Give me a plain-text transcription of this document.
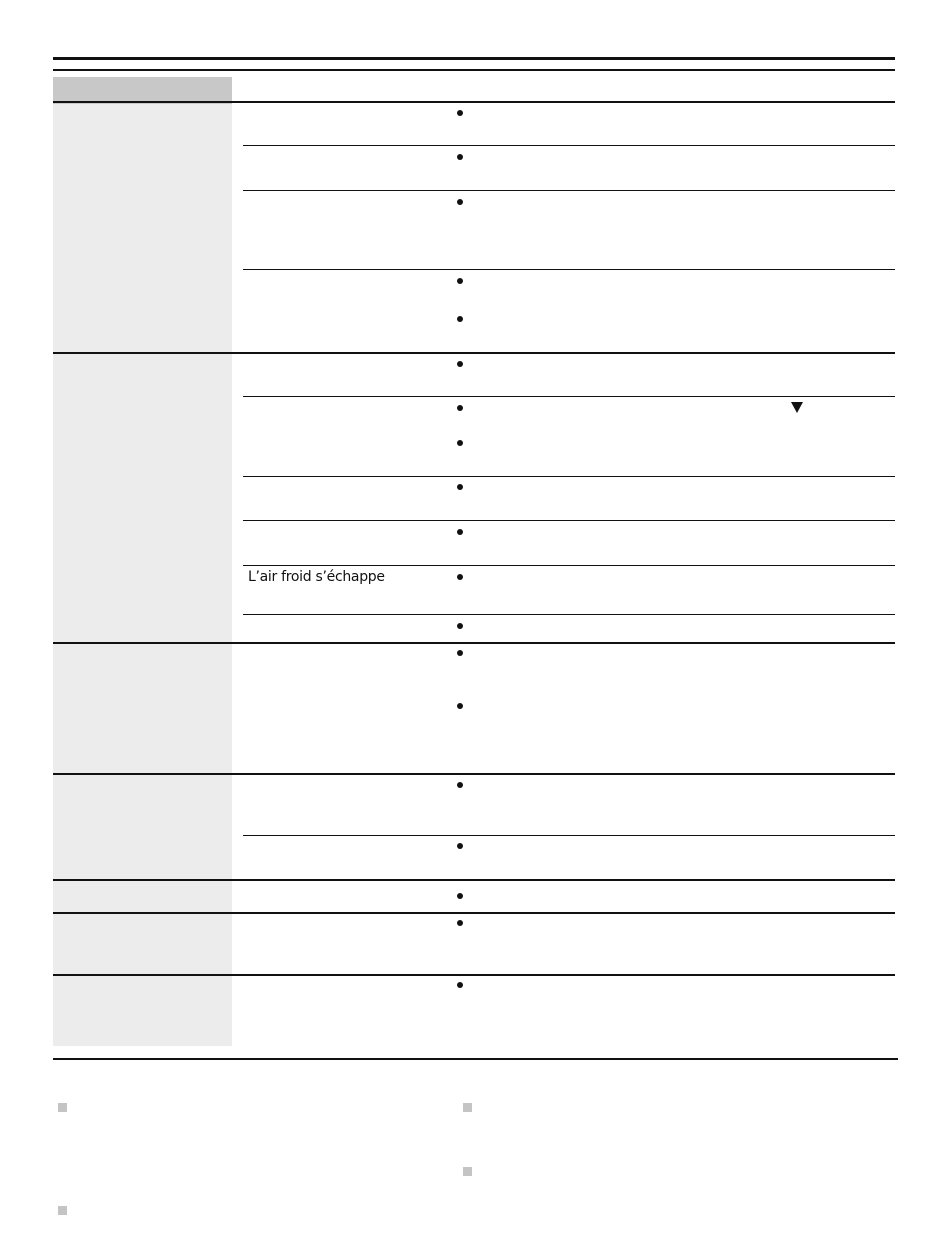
L’air froid s’échappe
